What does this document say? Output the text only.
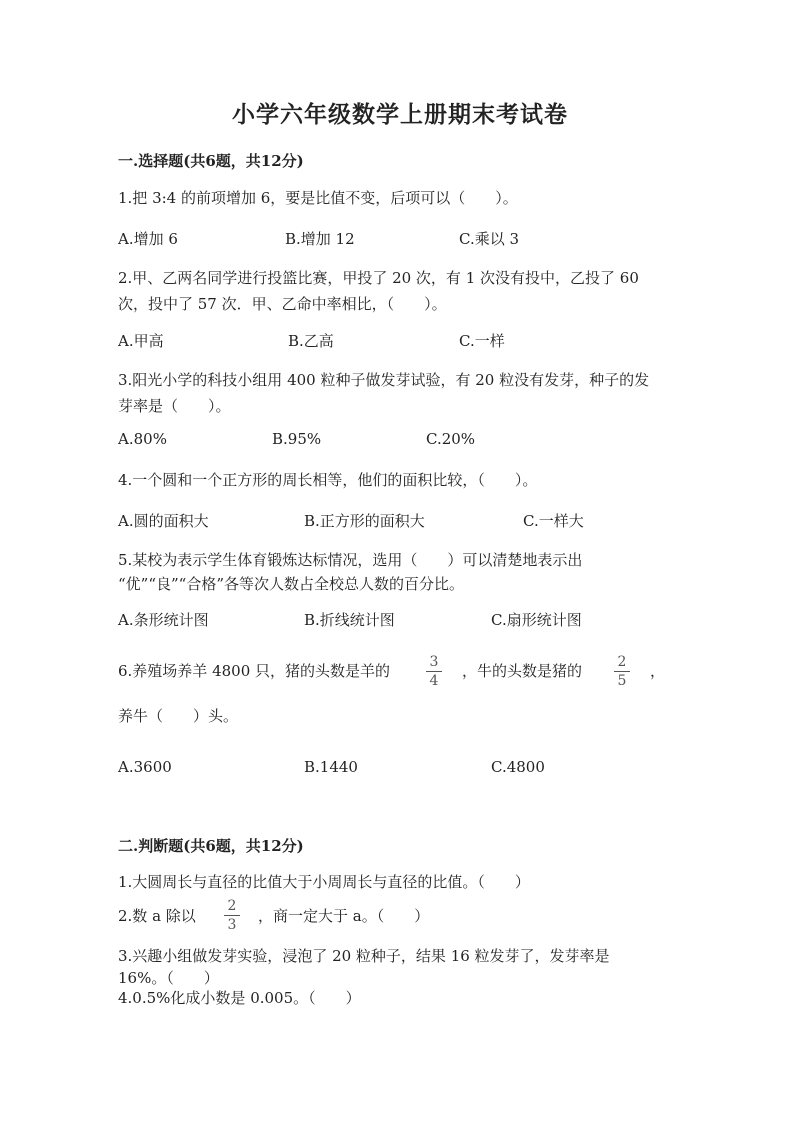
小学六年级数学上册期末考试卷
一.选择题(共6题，共12分)
1.把 3:4 的前项增加 6，要是比值不变，后项可以（　　）。
A.增加 6	B.增加 12	C.乘以 3
2.甲、乙两名同学进行投篮比赛，甲投了 20 次，有 1 次没有投中，乙投了 60
次，投中了 57 次．甲、乙命中率相比，（　　）。
A.甲高	B.乙高	C.一样
3.阳光小学的科技小组用 400 粒种子做发芽试验，有 20 粒没有发芽，种子的发
芽率是（　　）。
A.80%	B.95%	C.20%
4.一个圆和一个正方形的周长相等，他们的面积比较，（　　）。
A.圆的面积大	B.正方形的面积大	C.一样大
5.某校为表示学生体育锻炼达标情况，选用（　　）可以清楚地表示出
“优”“良”“合格”各等次人数占全校总人数的百分比。
A.条形统计图	B.折线统计图	C.扇形统计图
6.养殖场养羊 4800 只，猪的头数是羊的	3
4
，牛的头数是猪的	2
5
，
养牛（　　）头。
A.3600	B.1440	C.4800
二.判断题(共6题，共12分)
1.大圆周长与直径的比值大于小周周长与直径的比值。（　　）
2.数 a 除以
2
3	，商一定大于 a。（　　）
3.兴趣小组做发芽实验，浸泡了 20 粒种子，结果 16 粒发芽了，发芽率是
16%。（　　）
4.0.5%化成小数是 0.005。（　　）
